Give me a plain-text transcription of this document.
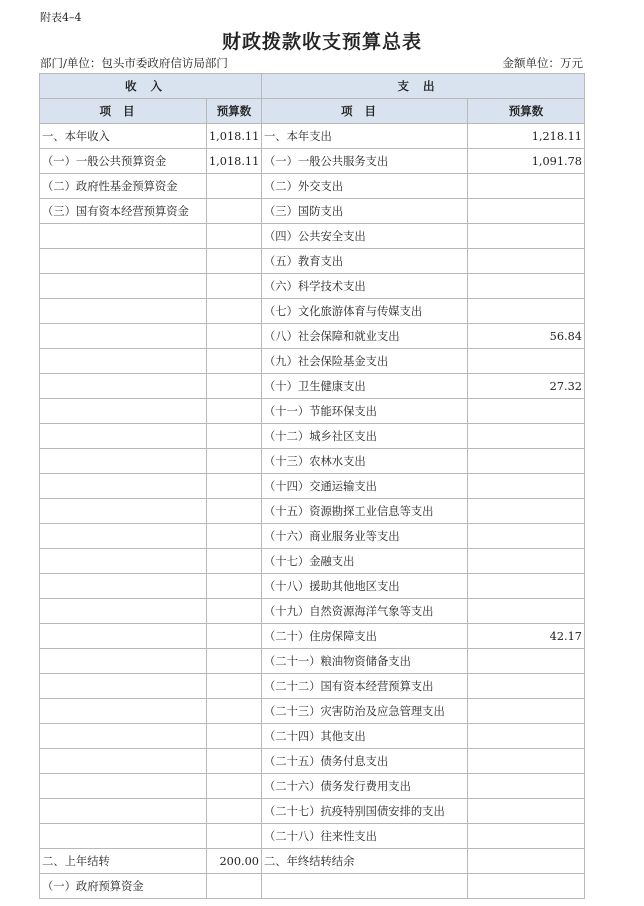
附表4–4
财政拨款收支预算总表
部门/单位：包头市委政府信访局部门	金额单位：万元
收入		支出	
项目	预算数	项目	预算数
一、本年收入	1,018.11	一、本年支出	1,218.11
（一）一般公共预算资金	1,018.11	（一）一般公共服务支出	1,091.78
（二）政府性基金预算资金		（二）外交支出	
（三）国有资本经营预算资金		（三）国防支出	
		（四）公共安全支出	
		（五）教育支出	
		（六）科学技术支出	
		（七）文化旅游体育与传媒支出	
		（八）社会保障和就业支出	56.84
		（九）社会保险基金支出	
		（十）卫生健康支出	27.32
		（十一）节能环保支出	
		（十二）城乡社区支出	
		（十三）农林水支出	
		（十四）交通运输支出	
		（十五）资源勘探工业信息等支出	
		（十六）商业服务业等支出	
		（十七）金融支出	
		（十八）援助其他地区支出	
		（十九）自然资源海洋气象等支出	
		（二十）住房保障支出	42.17
		（二十一）粮油物资储备支出	
		（二十二）国有资本经营预算支出	
		（二十三）灾害防治及应急管理支出	
		（二十四）其他支出	
		（二十五）债务付息支出	
		（二十六）债务发行费用支出	
		（二十七）抗疫特别国债安排的支出	
		（二十八）往来性支出	
二、上年结转	200.00	二、年终结转结余	
（一）政府预算资金			
